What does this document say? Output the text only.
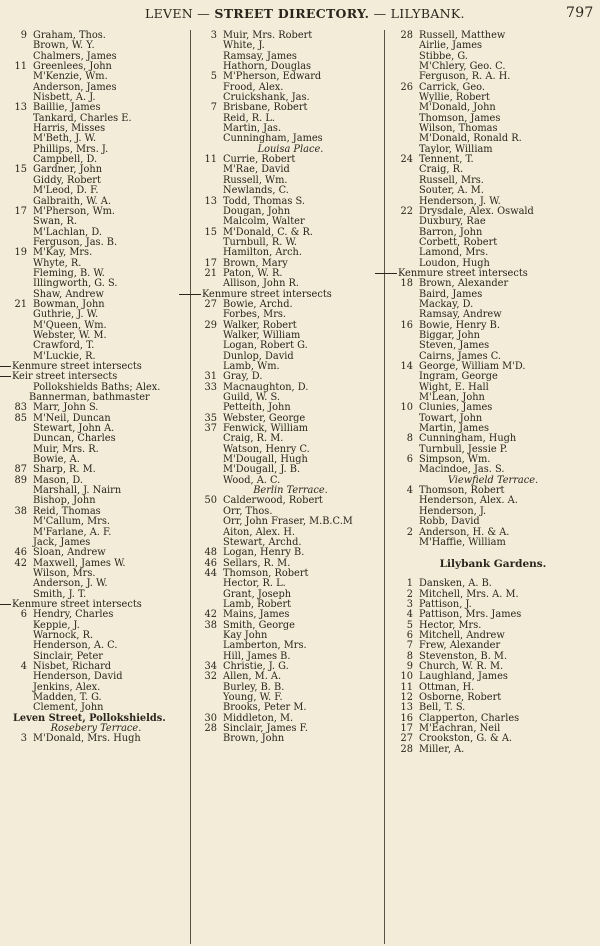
LEVEN — STREET DIRECTORY. — LILYBANK.	797
9 Graham, Thos.
Brown, W. Y.
Chalmers, James
11 Greenlees, John
M'Kenzie, Wm.
Anderson, James
Nisbett, A. J.
13 Baillie, James
Tankard, Charles E.
Harris, Misses
M'Beth, J. W.
Phillips, Mrs. J.
Campbell, D.
15 Gardner, John
Giddy, Robert
M'Leod, D. F.
Galbraith, W. A.
17 M'Pherson, Wm.
Swan, R.
M'Lachlan, D.
Ferguson, Jas. B.
19 M'Kay, Mrs.
Whyte, R.
Fleming, B. W.
Illingworth, G. S.
Shaw, Andrew
21 Bowman, John
Guthrie, J. W.
M'Queen, Wm.
Webster, W. M.
Crawford, T.
M'Luckie, R.
Kenmure street intersects
Keir street intersects
Pollokshields Baths; Alex.
Bannerman, bathmaster
83 Marr, John S.
85 M'Neil, Duncan
Stewart, John A.
Duncan, Charles
Muir, Mrs. R.
Bowie, A.
87 Sharp, R. M.
89 Mason, D.
Marshall, J. Nairn
Bishop, John
38 Reid, Thomas
M'Callum, Mrs.
M'Farlane, A. F.
Jack, James
46 Sloan, Andrew
42 Maxwell, James W.
Wilson, Mrs.
Anderson, J. W.
Smith, J. T.
Kenmure street intersects
6 Hendry, Charles
Keppie, J.
Warnock, R.
Henderson, A. C.
Sinclair, Peter
4 Nisbet, Richard
Henderson, David
Jenkins, Alex.
Madden, T. G.
Clement, John
Leven Street, Pollokshields.
Rosebery Terrace.
3 M'Donald, Mrs. Hugh
3 Muir, Mrs. Robert
White, J.
Ramsay, James
Hathorn, Douglas
5 M'Pherson, Edward
Frood, Alex.
Cruickshank, Jas.
7 Brisbane, Robert
Reid, R. L.
Martin, Jas.
Cunningham, James
Louisa Place.
11 Currie, Robert
M'Rae, David
Russell, Wm.
Newlands, C.
13 Todd, Thomas S.
Dougan, John
Malcolm, Walter
15 M'Donald, C. & R.
Turnbull, R. W.
Hamilton, Arch.
17 Brown, Mary
21 Paton, W. R.
Allison, John R.
Kenmure street intersects
27 Bowie, Archd.
Forbes, Mrs.
29 Walker, Robert
Walker, William
Logan, Robert G.
Dunlop, David
Lamb, Wm.
31 Gray, D.
33 Macnaughton, D.
Guild, W. S.
Petteith, John
35 Webster, George
37 Fenwick, William
Craig, R. M.
Watson, Henry C.
M'Dougall, Hugh
M'Dougall, J. B.
Wood, A. C.
Berlin Terrace.
50 Calderwood, Robert
Orr, Thos.
Orr, John Fraser, M.B.C.M
Aiton, Alex. H.
Stewart, Archd.
48 Logan, Henry B.
46 Sellars, R. M.
44 Thomson, Robert
Hector, R. L.
Grant, Joseph
Lamb, Robert
42 Mains, James
38 Smith, George
Kay John
Lamberton, Mrs.
Hill, James B.
34 Christie, J. G.
32 Allen, M. A.
Burley, B. B.
Young, W. F.
Brooks, Peter M.
30 Middleton, M.
28 Sinclair, James F.
Brown, John
28 Russell, Matthew
Airlie, James
Stibbe, G.
M'Chlery, Geo. C.
Ferguson, R. A. H.
26 Carrick, Geo.
Wyllie, Robert
M'Donald, John
Thomson, James
Wilson, Thomas
M'Donald, Ronald R.
Taylor, William
24 Tennent, T.
Craig, R.
Russell, Mrs.
Souter, A. M.
Henderson, J. W.
22 Drysdale, Alex. Oswald
Duxbury, Rae
Barron, John
Corbett, Robert
Lamond, Mrs.
Loudon, Hugh
Kenmure street intersects
18 Brown, Alexander
Baird, James
Mackay, D.
Ramsay, Andrew
16 Bowie, Henry B.
Biggar, John
Steven, James
Cairns, James C.
14 George, William M'D.
Ingram, George
Wight, E. Hall
M'Lean, John
10 Clunies, James
Towart, John
Martin, James
8 Cunningham, Hugh
Turnbull, Jessie P.
6 Simpson, Wm.
Macindoe, Jas. S.
Viewfield Terrace.
4 Thomson, Robert
Henderson, Alex. A.
Henderson, J.
Robb, David
2 Anderson, H. & A.
M'Haffie, William
Lilybank Gardens.
1 Dansken, A. B.
2 Mitchell, Mrs. A. M.
3 Pattison, J.
4 Pattison, Mrs. James
5 Hector, Mrs.
6 Mitchell, Andrew
7 Frew, Alexander
8 Stevenston, B. M.
9 Church, W. R. M.
10 Laughland, James
11 Ottman, H.
12 Osborne, Robert
13 Bell, T. S.
16 Clapperton, Charles
17 M'Eachran, Neil
27 Crookston, G. & A.
28 Miller, A.
